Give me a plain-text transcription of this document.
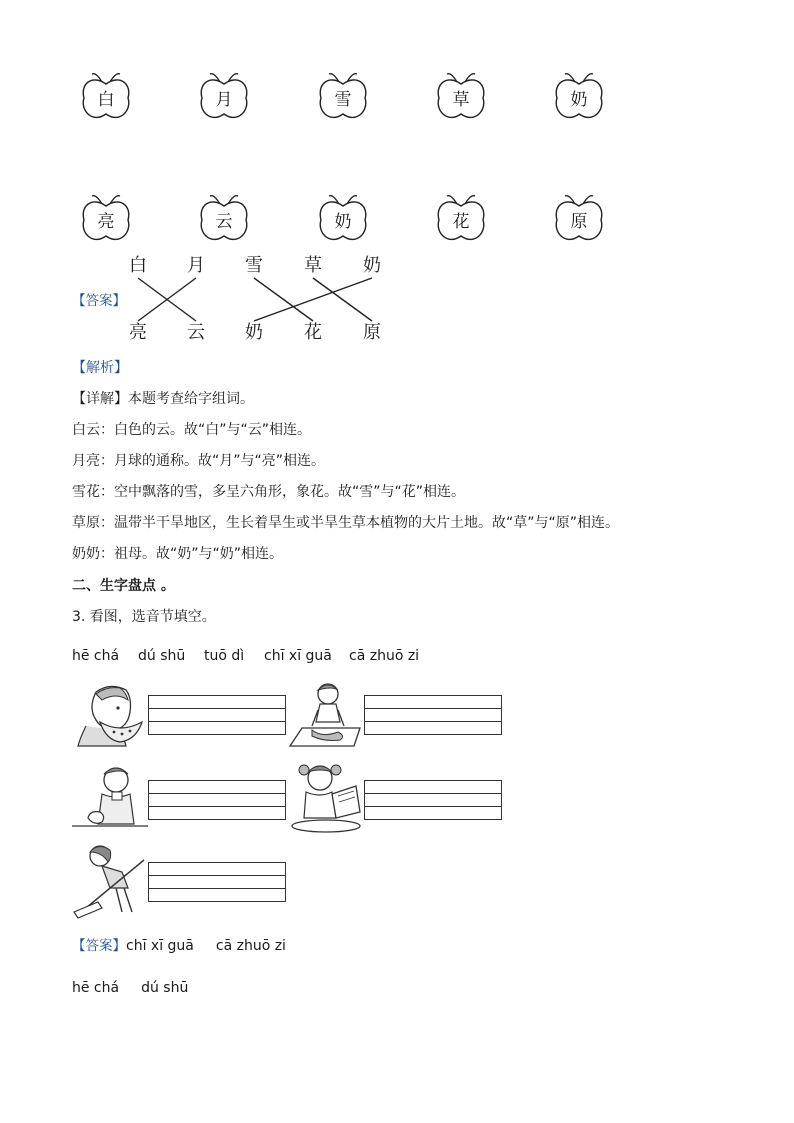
白	月	雪	草	奶
亮	云	奶	花	原
白 月 雪 草 奶
【答案】
亮 云 奶 花 原
【解析】
【详解】本题考查给字组词。
白云：白色的云。故“白”与“云”相连。
月亮：月球的通称。故“月”与“亮”相连。
雪花：空中飘落的雪，多呈六角形，象花。故“雪”与“花”相连。
草原：温带半干旱地区，生长着旱生或半旱生草本植物的大片土地。故“草”与“原”相连。
奶奶：祖母。故“奶”与“奶”相连。
二、生字盘点 。
3. 看图，选音节填空。
hē chá dú shū tuō dì chī xī guā cā zhuō zi
【答案】chī xī guā cā zhuō zi
hē chá dú shū
